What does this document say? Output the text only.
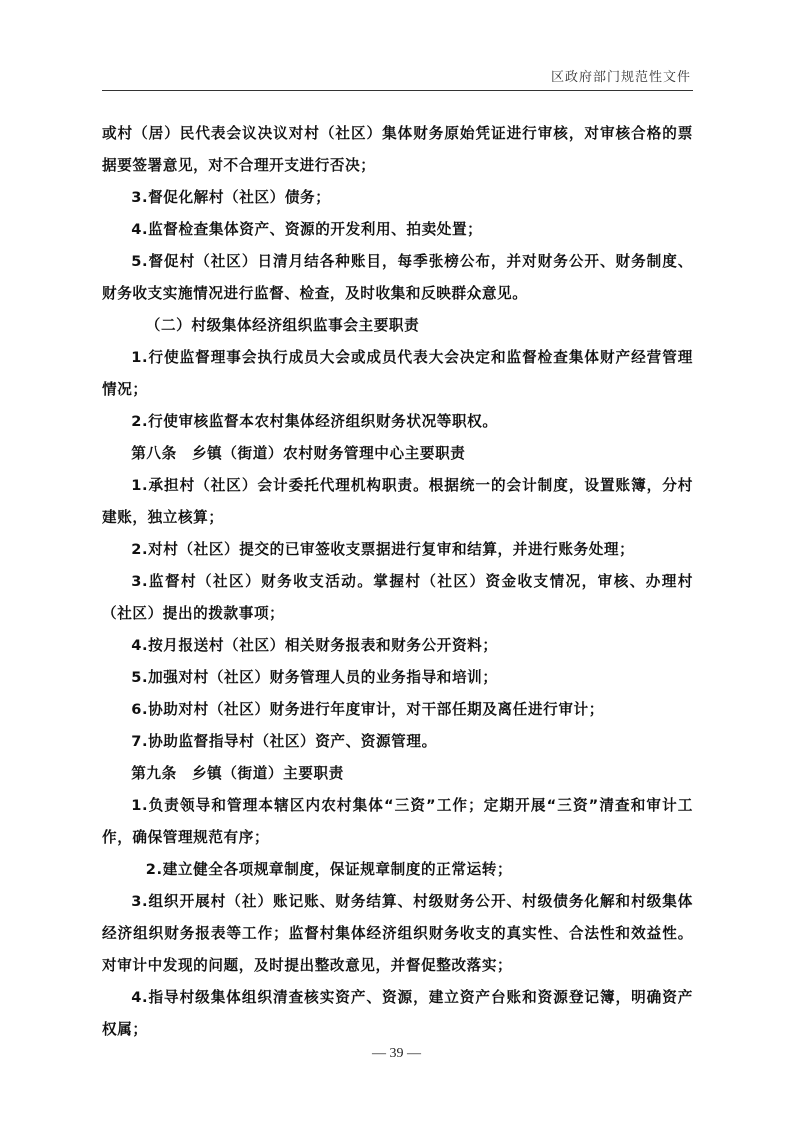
区政府部门规范性文件

或村（居）民代表会议决议对村（社区）集体财务原始凭证进行审核，对审核合格的票据要签署意见，对不合理开支进行否决；

3.督促化解村（社区）债务；

4.监督检查集体资产、资源的开发利用、拍卖处置；

5.督促村（社区）日清月结各种账目，每季张榜公布，并对财务公开、财务制度、财务收支实施情况进行监督、检查，及时收集和反映群众意见。

（二）村级集体经济组织监事会主要职责

1.行使监督理事会执行成员大会或成员代表大会决定和监督检查集体财产经营管理情况；

2.行使审核监督本农村集体经济组织财务状况等职权。

第八条　乡镇（街道）农村财务管理中心主要职责

1.承担村（社区）会计委托代理机构职责。根据统一的会计制度，设置账簿，分村建账，独立核算；

2.对村（社区）提交的已审签收支票据进行复审和结算，并进行账务处理；

3.监督村（社区）财务收支活动。掌握村（社区）资金收支情况，审核、办理村（社区）提出的拨款事项；

4.按月报送村（社区）相关财务报表和财务公开资料；

5.加强对村（社区）财务管理人员的业务指导和培训；

6.协助对村（社区）财务进行年度审计，对干部任期及离任进行审计；

7.协助监督指导村（社区）资产、资源管理。

第九条　乡镇（街道）主要职责

1.负责领导和管理本辖区内农村集体“三资”工作；定期开展“三资”清查和审计工作，确保管理规范有序；

2.建立健全各项规章制度，保证规章制度的正常运转；

3.组织开展村（社）账记账、财务结算、村级财务公开、村级债务化解和村级集体经济组织财务报表等工作；监督村集体经济组织财务收支的真实性、合法性和效益性。对审计中发现的问题，及时提出整改意见，并督促整改落实；

4.指导村级集体组织清查核实资产、资源，建立资产台账和资源登记簿，明确资产权属；

— 39 —
